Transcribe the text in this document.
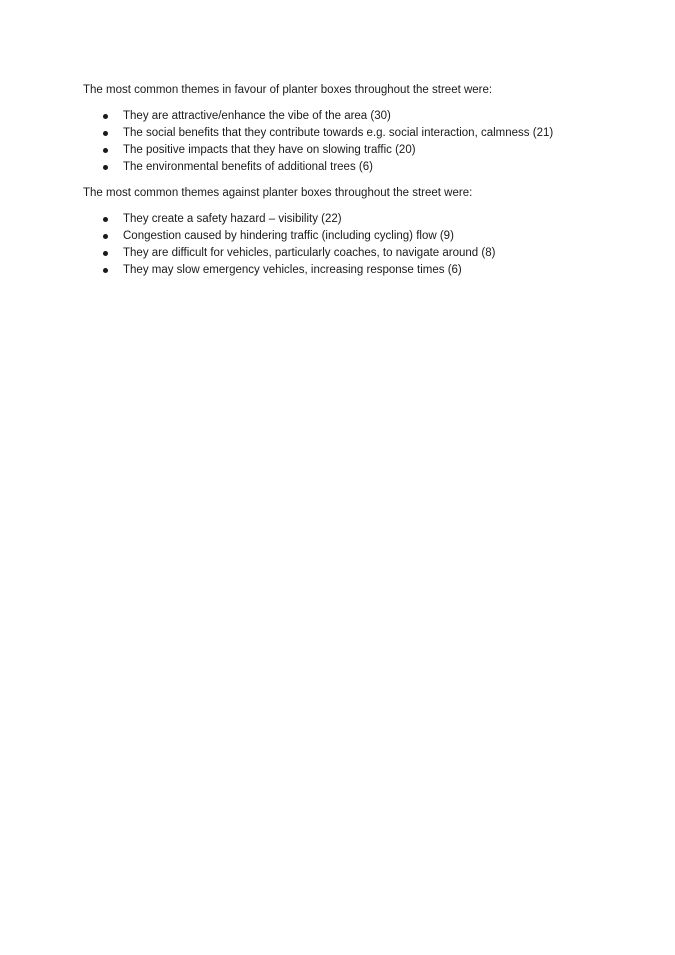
The most common themes in favour of planter boxes throughout the street were:

They are attractive/enhance the vibe of the area (30)
The social benefits that they contribute towards e.g. social interaction, calmness (21)
The positive impacts that they have on slowing traffic (20)
The environmental benefits of additional trees (6)

The most common themes against planter boxes throughout the street were:

They create a safety hazard – visibility (22)
Congestion caused by hindering traffic (including cycling) flow (9)
They are difficult for vehicles, particularly coaches, to navigate around (8)
They may slow emergency vehicles, increasing response times (6)
